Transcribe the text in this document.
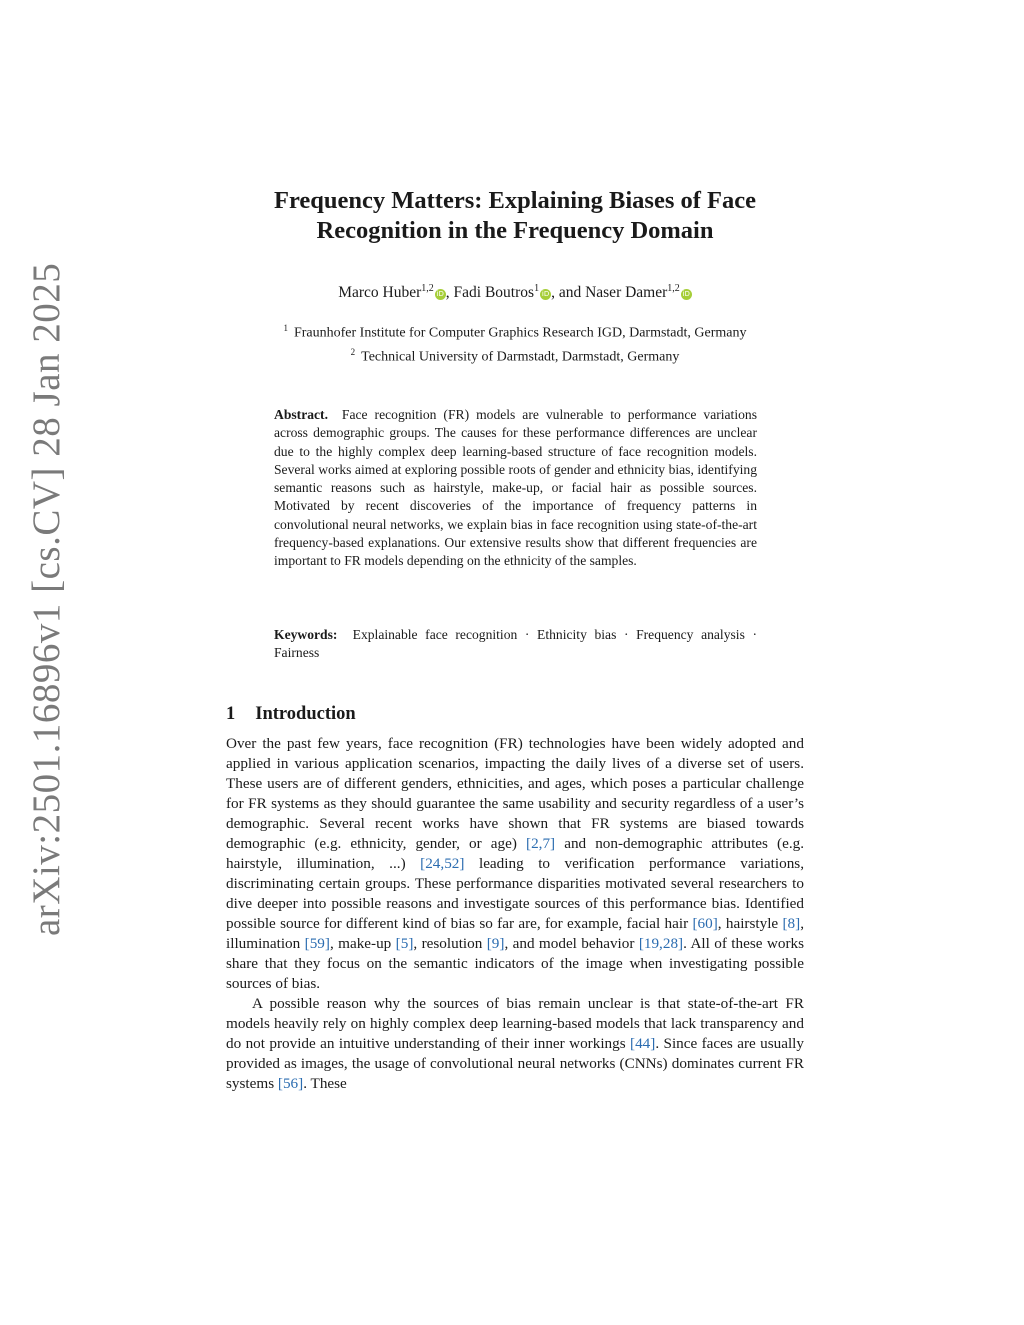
arXiv:2501.16896v1 [cs.CV] 28 Jan 2025
Frequency Matters: Explaining Biases of Face
Recognition in the Frequency Domain
Marco Huber$^{1,2}$iD , Fadi Boutros$^1$iD , and Naser Damer$^{1,2}$iD
$^1$ Fraunhofer Institute for Computer Graphics Research IGD, Darmstadt, Germany
$^2$ Technical University of Darmstadt, Darmstadt, Germany
Abstract. Face recognition (FR) models are vulnerable to performance variations across demographic groups. The causes for these performance differences are unclear due to the highly complex deep learning-based structure of face recognition models. Several works aimed at exploring possible roots of gender and ethnicity bias, identifying semantic reasons such as hairstyle, make-up, or facial hair as possible sources. Motivated by recent discoveries of the importance of frequency patterns in convolutional neural networks, we explain bias in face recognition using state-of-the-art frequency-based explanations. Our extensive results show that different frequencies are important to FR models depending on the ethnicity of the samples.
Keywords: Explainable face recognition · Ethnicity bias · Frequency analysis · Fairness
1 Introduction

Over the past few years, face recognition (FR) technologies have been widely adopted and applied in various application scenarios, impacting the daily lives of a diverse set of users. These users are of different genders, ethnicities, and ages, which poses a particular challenge for FR systems as they should guarantee the same usability and security regardless of a user’s demographic. Several recent works have shown that FR systems are biased towards demographic (e.g. ethnicity, gender, or age) [2,7] and non-demographic attributes (e.g. hairstyle, illumination, ...) [24,52] leading to verification performance variations, discriminating certain groups. These performance disparities motivated several researchers to dive deeper into possible reasons and investigate sources of this performance bias. Identified possible source for different kind of bias so far are, for example, facial hair [60], hairstyle [8], illumination [59], make-up [5], resolution [9], and model behavior [19,28]. All of these works share that they focus on the semantic indicators of the image when investigating possible sources of bias.

A possible reason why the sources of bias remain unclear is that state-of-the-art FR models heavily rely on highly complex deep learning-based models that lack transparency and do not provide an intuitive understanding of their inner workings [44]. Since faces are usually provided as images, the usage of convolutional neural networks (CNNs) dominates current FR systems [56]. These
